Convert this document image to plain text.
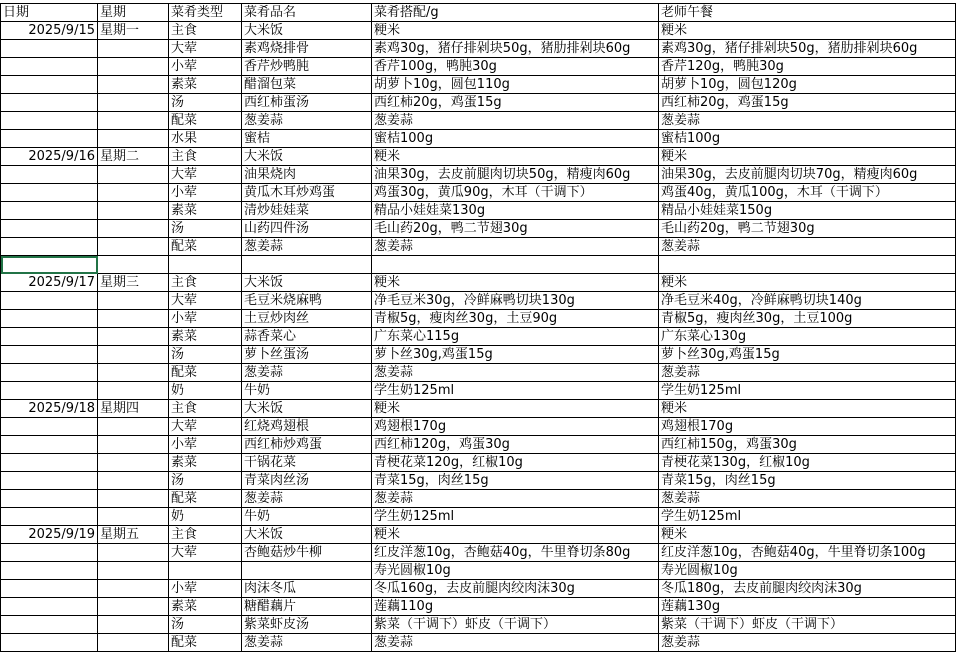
日期	星期	菜肴类型	菜肴品名	菜肴搭配/g	老师午餐
2025/9/15	星期一	主食	大米饭	粳米	粳米
		大荤	素鸡烧排骨	素鸡30g，猪仔排剁块50g，猪肋排剁块60g	素鸡30g，猪仔排剁块50g，猪肋排剁块60g
		小荤	香芹炒鸭肫	香芹100g，鸭肫30g	香芹120g，鸭肫30g
		素菜	醋溜包菜	胡萝卜10g，圆包110g	胡萝卜10g，圆包120g
		汤	西红柿蛋汤	西红柿20g，鸡蛋15g	西红柿20g，鸡蛋15g
		配菜	葱姜蒜	葱姜蒜	葱姜蒜
		水果	蜜桔	蜜桔100g	蜜桔100g
2025/9/16	星期二	主食	大米饭	粳米	粳米
		大荤	油果烧肉	油果30g，去皮前腿肉切块50g，精瘦肉60g	油果30g，去皮前腿肉切块70g，精瘦肉60g
		小荤	黄瓜木耳炒鸡蛋	鸡蛋30g，黄瓜90g，木耳（干调下）	鸡蛋40g，黄瓜100g，木耳（干调下）
		素菜	清炒娃娃菜	精品小娃娃菜130g	精品小娃娃菜150g
		汤	山药四件汤	毛山药20g，鸭二节翅30g	毛山药20g，鸭二节翅30g
		配菜	葱姜蒜	葱姜蒜	葱姜蒜

2025/9/17	星期三	主食	大米饭	粳米	粳米
		大荤	毛豆米烧麻鸭	净毛豆米30g，冷鲜麻鸭切块130g	净毛豆米40g，冷鲜麻鸭切块140g
		小荤	土豆炒肉丝	青椒5g，瘦肉丝30g，土豆90g	青椒5g，瘦肉丝30g，土豆100g
		素菜	蒜香菜心	广东菜心115g	广东菜心130g
		汤	萝卜丝蛋汤	萝卜丝30g,鸡蛋15g	萝卜丝30g,鸡蛋15g
		配菜	葱姜蒜	葱姜蒜	葱姜蒜
		奶	牛奶	学生奶125ml	学生奶125ml
2025/9/18	星期四	主食	大米饭	粳米	粳米
		大荤	红烧鸡翅根	鸡翅根170g	鸡翅根170g
		小荤	西红柿炒鸡蛋	西红柿120g，鸡蛋30g	西红柿150g，鸡蛋30g
		素菜	干锅花菜	青梗花菜120g，红椒10g	青梗花菜130g，红椒10g
		汤	青菜肉丝汤	青菜15g，肉丝15g	青菜15g，肉丝15g
		配菜	葱姜蒜	葱姜蒜	葱姜蒜
		奶	牛奶	学生奶125ml	学生奶125ml
2025/9/19	星期五	主食	大米饭	粳米	粳米
		大荤	杏鲍菇炒牛柳	红皮洋葱10g，杏鲍菇40g，牛里脊切条80g	红皮洋葱10g，杏鲍菇40g，牛里脊切条100g
				寿光圆椒10g	寿光圆椒10g
		小荤	肉沫冬瓜	冬瓜160g，去皮前腿肉绞肉沫30g	冬瓜180g，去皮前腿肉绞肉沫30g
		素菜	糖醋藕片	莲藕110g	莲藕130g
		汤	紫菜虾皮汤	紫菜（干调下）虾皮（干调下）	紫菜（干调下）虾皮（干调下）
		配菜	葱姜蒜	葱姜蒜	葱姜蒜
